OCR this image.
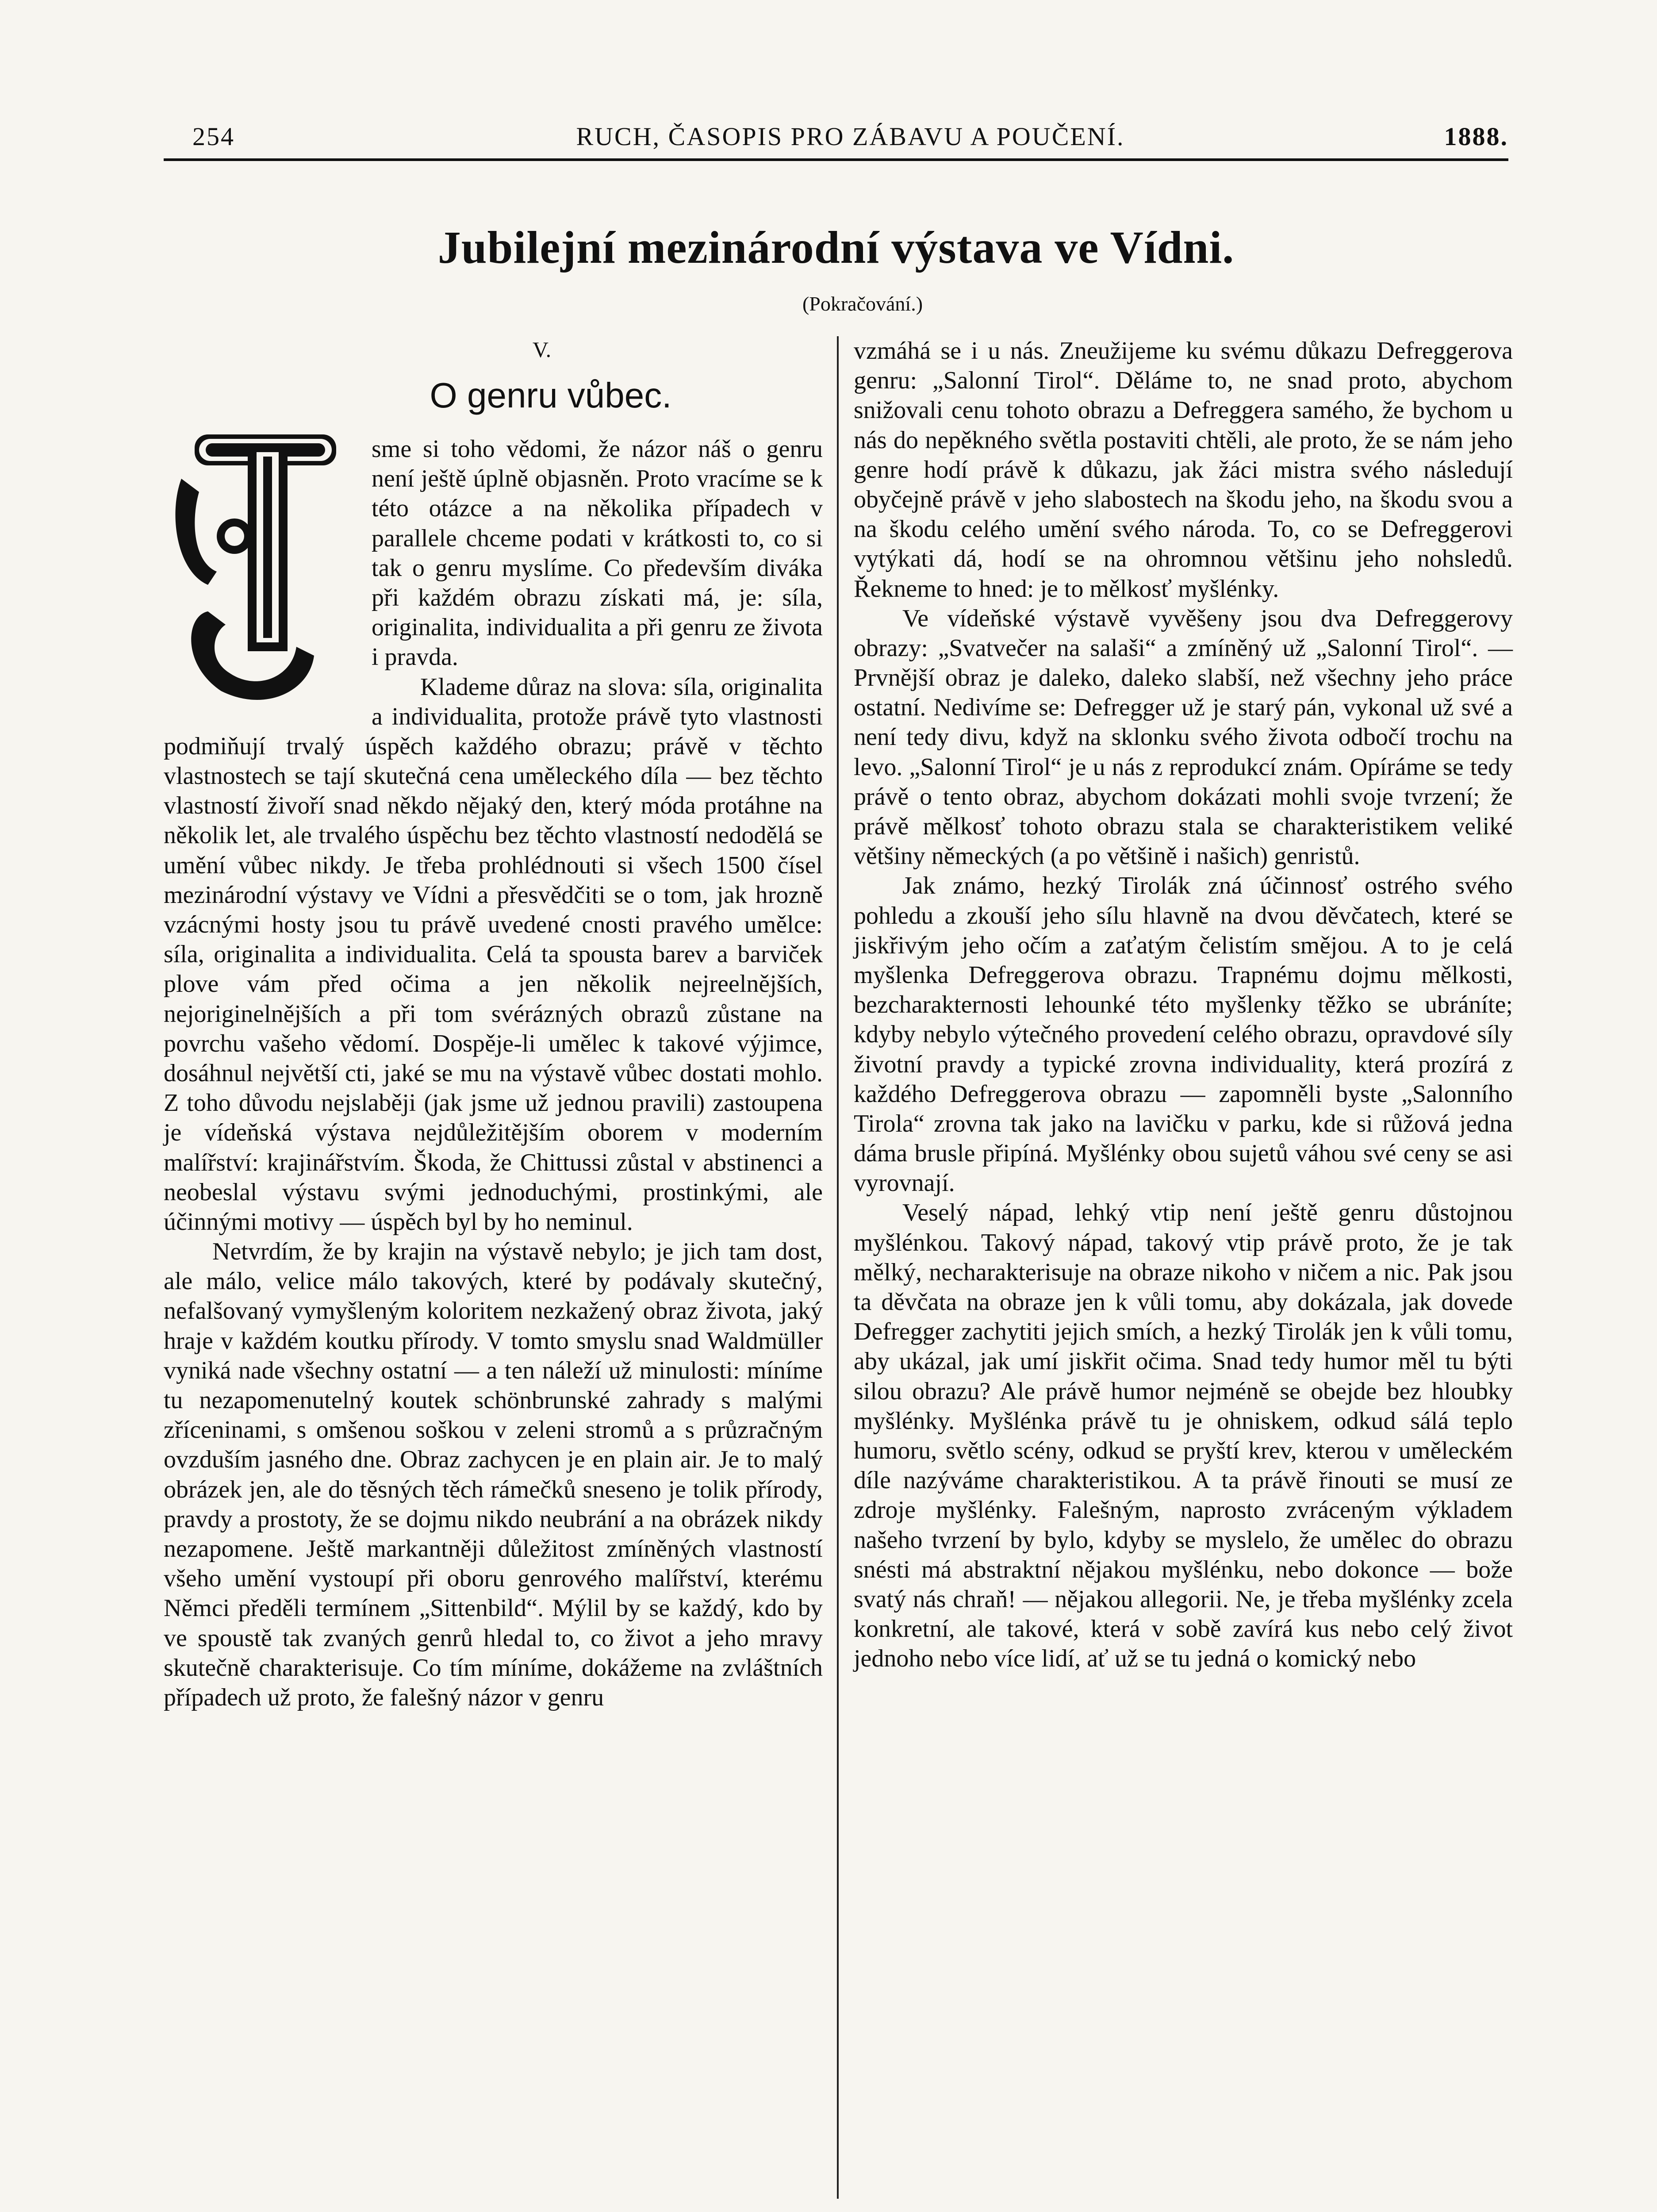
254	RUCH, ČASOPIS PRO ZÁBAVU A POUČENÍ.	1888.
Jubilejní mezinárodní výstava ve Vídni.
(Pokračování.)
V.
O genru vůbec.
J

sme si toho vědomi, že názor náš o genru není ještě úplně objasněn. Proto vracíme se k této otázce a na několika případech v parallele chceme podati v krátkosti to, co si tak o genru myslíme. Co především diváka při každém obrazu získati má, je: síla, originalita, individualita a při genru ze života i pravda.

Klademe důraz na slova: síla, originalita a individualita, protože právě tyto vlastnosti podmiňují trvalý úspěch každého obrazu; právě v těchto vlastnostech se tají skutečná cena uměleckého díla — bez těchto vlastností živoří snad někdo nějaký den, který móda protáhne na několik let, ale trvalého úspěchu bez těchto vlastností nedodělá se umění vůbec nikdy. Je třeba prohlédnouti si všech 1500 čísel mezinárodní výstavy ve Vídni a přesvědčiti se o tom, jak hrozně vzácnými hosty jsou tu právě uvedené cnosti pravého umělce: síla, originalita a individualita. Celá ta spousta barev a barviček plove vám před očima a jen několik nejreelnějších, nejoriginelnějších a při tom svérázných obrazů zůstane na povrchu vašeho vědomí. Dospěje-li umělec k takové výjimce, dosáhnul největší cti, jaké se mu na výstavě vůbec dostati mohlo. Z toho důvodu nejslaběji (jak jsme už jednou pravili) zastoupena je vídeňská výstava nejdůležitějším oborem v moderním malířství: krajinářstvím. Škoda, že Chittussi zůstal v abstinenci a neobeslal výstavu svými jednoduchými, prostinkými, ale účinnými motivy — úspěch byl by ho neminul.

Netvrdím, že by krajin na výstavě nebylo; je jich tam dost, ale málo, velice málo takových, které by podávaly skutečný, nefalšovaný vymyšleným koloritem nezkažený obraz života, jaký hraje v každém koutku přírody. V tomto smyslu snad Waldmüller vyniká nade všechny ostatní — a ten náleží už minulosti: míníme tu nezapomenutelný koutek schönbrunské zahrady s malými zříceninami, s omšenou soškou v zeleni stromů a s průzračným ovzduším jasného dne. Obraz zachycen je en plain air. Je to malý obrázek jen, ale do těsných těch rámečků sneseno je tolik přírody, pravdy a prostoty, že se dojmu nikdo neubrání a na obrázek nikdy nezapomene. Ještě markantněji důležitost zmíněných vlastností všeho umění vystoupí při oboru genrového malířství, kterému Němci předěli termínem „Sittenbild“. Mýlil by se každý, kdo by ve spoustě tak zvaných genrů hledal to, co život a jeho mravy skutečně charakterisuje. Co tím míníme, dokážeme na zvláštních případech už proto, že falešný názor v genru

vzmáhá se i u nás. Zneužijeme ku svému důkazu Defreggerova genru: „Salonní Tirol“. Děláme to, ne snad proto, abychom snižovali cenu tohoto obrazu a Defreggera samého, že bychom u nás do nepěkného světla postaviti chtěli, ale proto, že se nám jeho genre hodí právě k důkazu, jak žáci mistra svého následují obyčejně právě v jeho slabostech na škodu jeho, na škodu svou a na škodu celého umění svého národa. To, co se Defreggerovi vytýkati dá, hodí se na ohromnou většinu jeho nohsledů. Řekneme to hned: je to mělkosť myšlénky.

Ve vídeňské výstavě vyvěšeny jsou dva Defreggerovy obrazy: „Svatvečer na salaši“ a zmíněný už „Salonní Tirol“. — Prvnější obraz je daleko, daleko slabší, než všechny jeho práce ostatní. Nedivíme se: Defregger už je starý pán, vykonal už své a není tedy divu, když na sklonku svého života odbočí trochu na levo. „Salonní Tirol“ je u nás z reprodukcí znám. Opíráme se tedy právě o tento obraz, abychom dokázati mohli svoje tvrzení; že právě mělkosť tohoto obrazu stala se charakteristikem veliké většiny německých (a po většině i našich) genristů.

Jak známo, hezký Tirolák zná účinnosť ostrého svého pohledu a zkouší jeho sílu hlavně na dvou děvčatech, které se jiskřivým jeho očím a zaťatým čelistím smějou. A to je celá myšlenka Defreggerova obrazu. Trapnému dojmu mělkosti, bezcharakternosti lehounké této myšlenky těžko se ubráníte; kdyby nebylo výtečného provedení celého obrazu, opravdové síly životní pravdy a typické zrovna individuality, která prozírá z každého Defreggerova obrazu — zapomněli byste „Salonního Tirola“ zrovna tak jako na lavičku v parku, kde si růžová jedna dáma brusle připíná. Myšlénky obou sujetů váhou své ceny se asi vyrovnají.

Veselý nápad, lehký vtip není ještě genru důstojnou myšlénkou. Takový nápad, takový vtip právě proto, že je tak mělký, necharakterisuje na obraze nikoho v ničem a nic. Pak jsou ta děvčata na obraze jen k vůli tomu, aby dokázala, jak dovede Defregger zachytiti jejich smích, a hezký Tirolák jen k vůli tomu, aby ukázal, jak umí jiskřit očima. Snad tedy humor měl tu býti silou obrazu? Ale právě humor nejméně se obejde bez hloubky myšlénky. Myšlénka právě tu je ohniskem, odkud sálá teplo humoru, světlo scény, odkud se pryští krev, kterou v uměleckém díle nazýváme charakteristikou. A ta právě řinouti se musí ze zdroje myšlénky. Falešným, naprosto zvráceným výkladem našeho tvrzení by bylo, kdyby se myslelo, že umělec do obrazu snésti má abstraktní nějakou myšlénku, nebo dokonce — bože svatý nás chraň! — nějakou allegorii. Ne, je třeba myšlénky zcela konkretní, ale takové, která v sobě zavírá kus nebo celý život jednoho nebo více lidí, ať už se tu jedná o komický nebo
